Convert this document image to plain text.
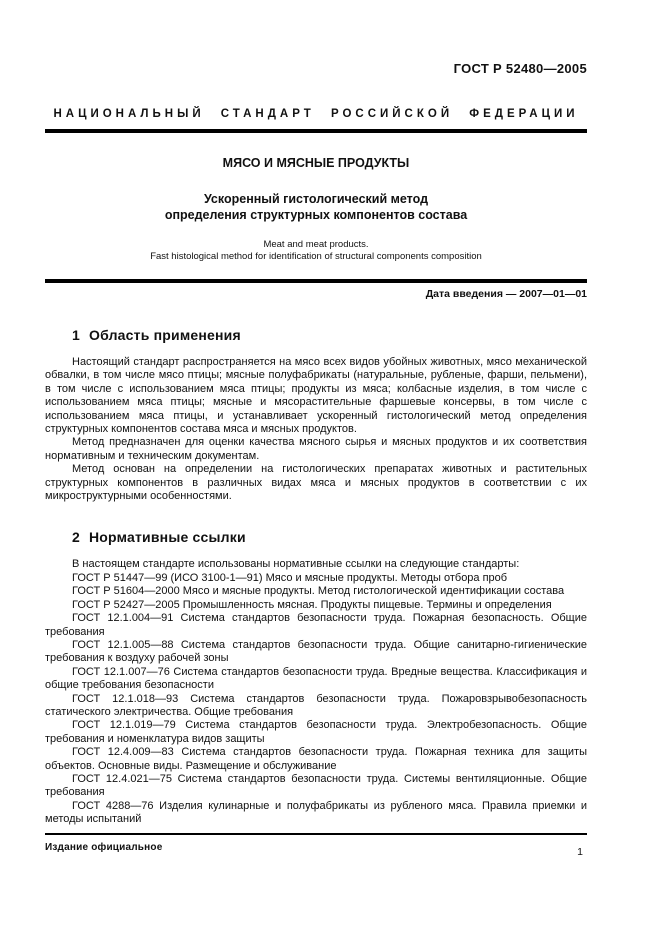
ГОСТ Р 52480—2005
НАЦИОНАЛЬНЫЙ СТАНДАРТ РОССИЙСКОЙ ФЕДЕРАЦИИ
МЯСО И МЯСНЫЕ ПРОДУКТЫ
Ускоренный гистологический метод
определения структурных компонентов состава
Meat and meat products.
Fast histological method for identification of structural components composition
Дата введения — 2007—01—01
1 Область применения

Настоящий стандарт распространяется на мясо всех видов убойных животных, мясо механической обвалки, в том числе мясо птицы; мясные полуфабрикаты (натуральные, рубленые, фарши, пельмени), в том числе с использованием мяса птицы; продукты из мяса; колбасные изделия, в том числе с использованием мяса птицы; мясные и мясорастительные фаршевые консервы, в том числе с использованием мяса птицы, и устанавливает ускоренный гистологический метод определения структурных компонентов состава мяса и мясных продуктов.

Метод предназначен для оценки качества мясного сырья и мясных продуктов и их соответствия нормативным и техническим документам.

Метод основан на определении на гистологических препаратах животных и растительных структурных компонентов в различных видах мяса и мясных продуктов в соответствии с их микроструктурными особенностями.

2 Нормативные ссылки

В настоящем стандарте использованы нормативные ссылки на следующие стандарты:

ГОСТ Р 51447—99 (ИСО 3100-1—91) Мясо и мясные продукты. Методы отбора проб

ГОСТ Р 51604—2000 Мясо и мясные продукты. Метод гистологической идентификации состава

ГОСТ Р 52427—2005 Промышленность мясная. Продукты пищевые. Термины и определения

ГОСТ 12.1.004—91 Система стандартов безопасности труда. Пожарная безопасность. Общие требования

ГОСТ 12.1.005—88 Система стандартов безопасности труда. Общие санитарно-гигиенические требования к воздуху рабочей зоны

ГОСТ 12.1.007—76 Система стандартов безопасности труда. Вредные вещества. Классификация и общие требования безопасности

ГОСТ 12.1.018—93 Система стандартов безопасности труда. Пожаровзрывобезопасность статического электричества. Общие требования

ГОСТ 12.1.019—79 Система стандартов безопасности труда. Электробезопасность. Общие требования и номенклатура видов защиты

ГОСТ 12.4.009—83 Система стандартов безопасности труда. Пожарная техника для защиты объектов. Основные виды. Размещение и обслуживание

ГОСТ 12.4.021—75 Система стандартов безопасности труда. Системы вентиляционные. Общие требования

ГОСТ 4288—76 Изделия кулинарные и полуфабрикаты из рубленого мяса. Правила приемки и методы испытаний

Издание официальное	1
